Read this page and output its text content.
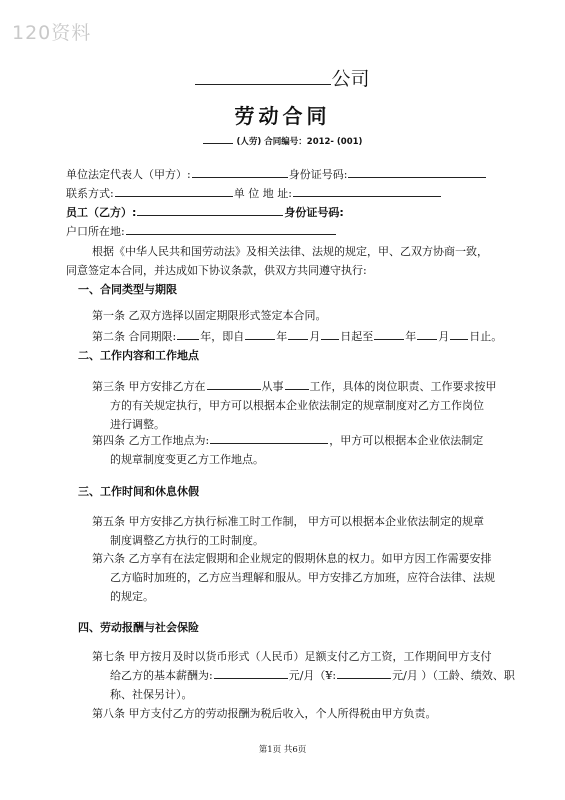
120资料
公司
劳动合同
(人劳) 合同编号：2012- (001)
单位法定代表人（甲方）:	身份证号码:
联系方式:	单 位 地 址:
员工（乙方）:	身份证号码:
户口所在地:
根据《中华人民共和国劳动法》及相关法律、法规的规定，甲、乙双方协商一致，
同意签定本合同，并达成如下协议条款，供双方共同遵守执行:
一、合同类型与期限
第一条 乙双方选择以固定期限形式签定本合同。
第二条 合同期限: 年，即自	年 月 日起至	年 月 日止。
二、工作内容和工作地点
第三条 甲方安排乙方在	从事 工作，具体的岗位职责、工作要求按甲
方的有关规定执行，甲方可以根据本企业依法制定的规章制度对乙方工作岗位
进行调整。
第四条 乙方工作地点为:	，甲方可以根据本企业依法制定
的规章制度变更乙方工作地点。
三、工作时间和休息休假
第五条 甲方安排乙方执行标准工时工作制， 甲方可以根据本企业依法制定的规章
制度调整乙方执行的工时制度。
第六条 乙方享有在法定假期和企业规定的假期休息的权力。如甲方因工作需要安排
乙方临时加班的，乙方应当理解和服从。甲方安排乙方加班，应符合法律、法规
的规定。
四、劳动报酬与社会保险
第七条 甲方按月及时以货币形式（人民币）足额支付乙方工资，工作期间甲方支付
给乙方的基本薪酬为:	元/月（¥:	元/月 ）（工龄、绩效、职
称、社保另计）。
第八条 甲方支付乙方的劳动报酬为税后收入，个人所得税由甲方负责。
第1页 共6页
